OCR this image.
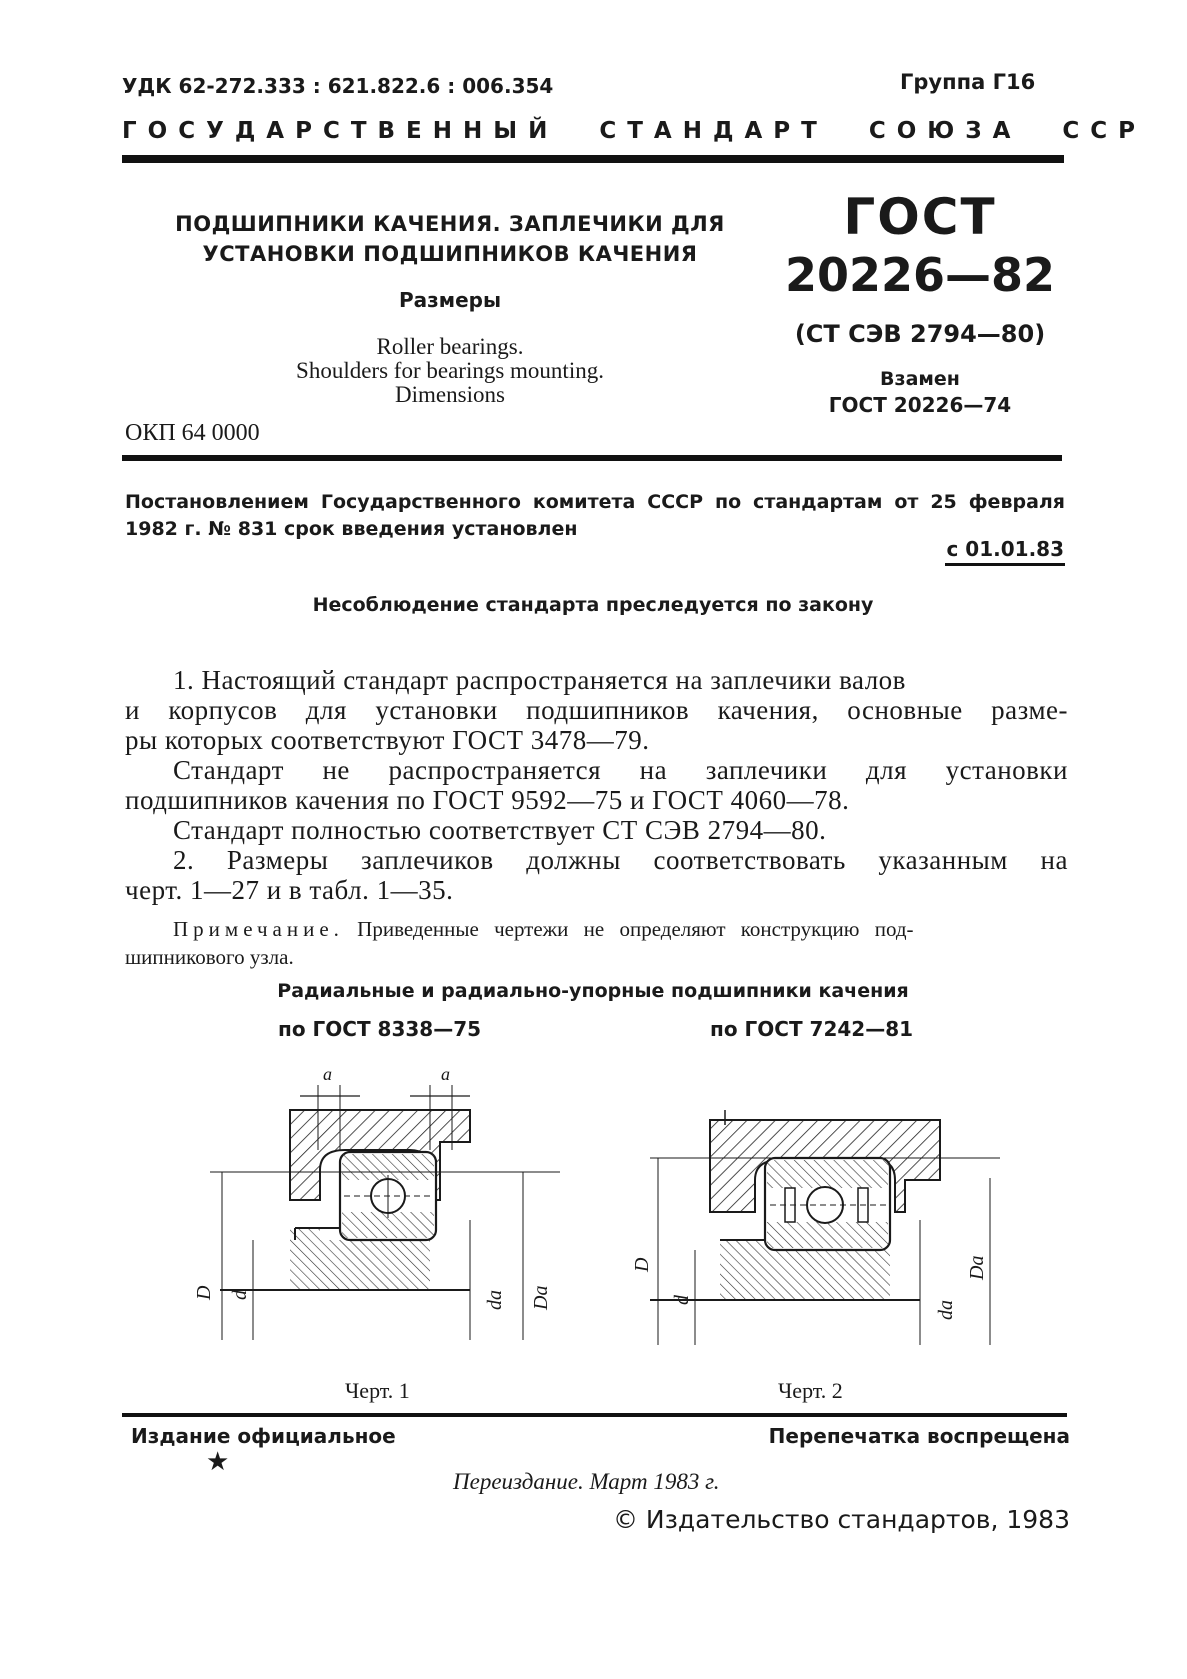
УДК 62-272.333 : 621.822.6 : 006.354	Группа Г16
ГОСУДАРСТВЕННЫЙ СТАНДАРТ СОЮЗА ССР
ПОДШИПНИКИ КАЧЕНИЯ. ЗАПЛЕЧИКИ ДЛЯ
УСТАНОВКИ ПОДШИПНИКОВ КАЧЕНИЯ
Размеры
Roller bearings.
Shoulders for bearings mounting.
Dimensions
ОКП 64 0000
ГОСТ
20226—82
(СТ СЭВ 2794—80)
Взамен
ГОСТ 20226—74
Постановлением Государственного комитета СССР по стандартам от 25 февраля
1982 г. № 831 срок введения установлен
с 01.01.83
Несоблюдение стандарта преследуется по закону
1. Настоящий стандарт распространяется на заплечики валов
и корпусов для установки подшипников качения, основные разме-
ры которых соответствуют ГОСТ 3478—79.
Стандарт не распространяется на заплечики для установки
подшипников качения по ГОСТ 9592—75 и ГОСТ 4060—78.
Стандарт полностью соответствует СТ СЭВ 2794—80.
2. Размеры заплечиков должны соответствовать указанным на
черт. 1—27 и в табл. 1—35.
Примечание. Приведенные чертежи не определяют конструкцию под-
шипникового узла.
Радиальные и радиально-упорные подшипники качения
по ГОСТ 8338—75	по ГОСТ 7242—81
a	a
D d	da Da
D
d	da
Da
Черт. 1	Черт. 2
Издание официальное
★
Перепечатка воспрещена
Переиздание. Март 1983 г.
© Издательство стандартов, 1983
